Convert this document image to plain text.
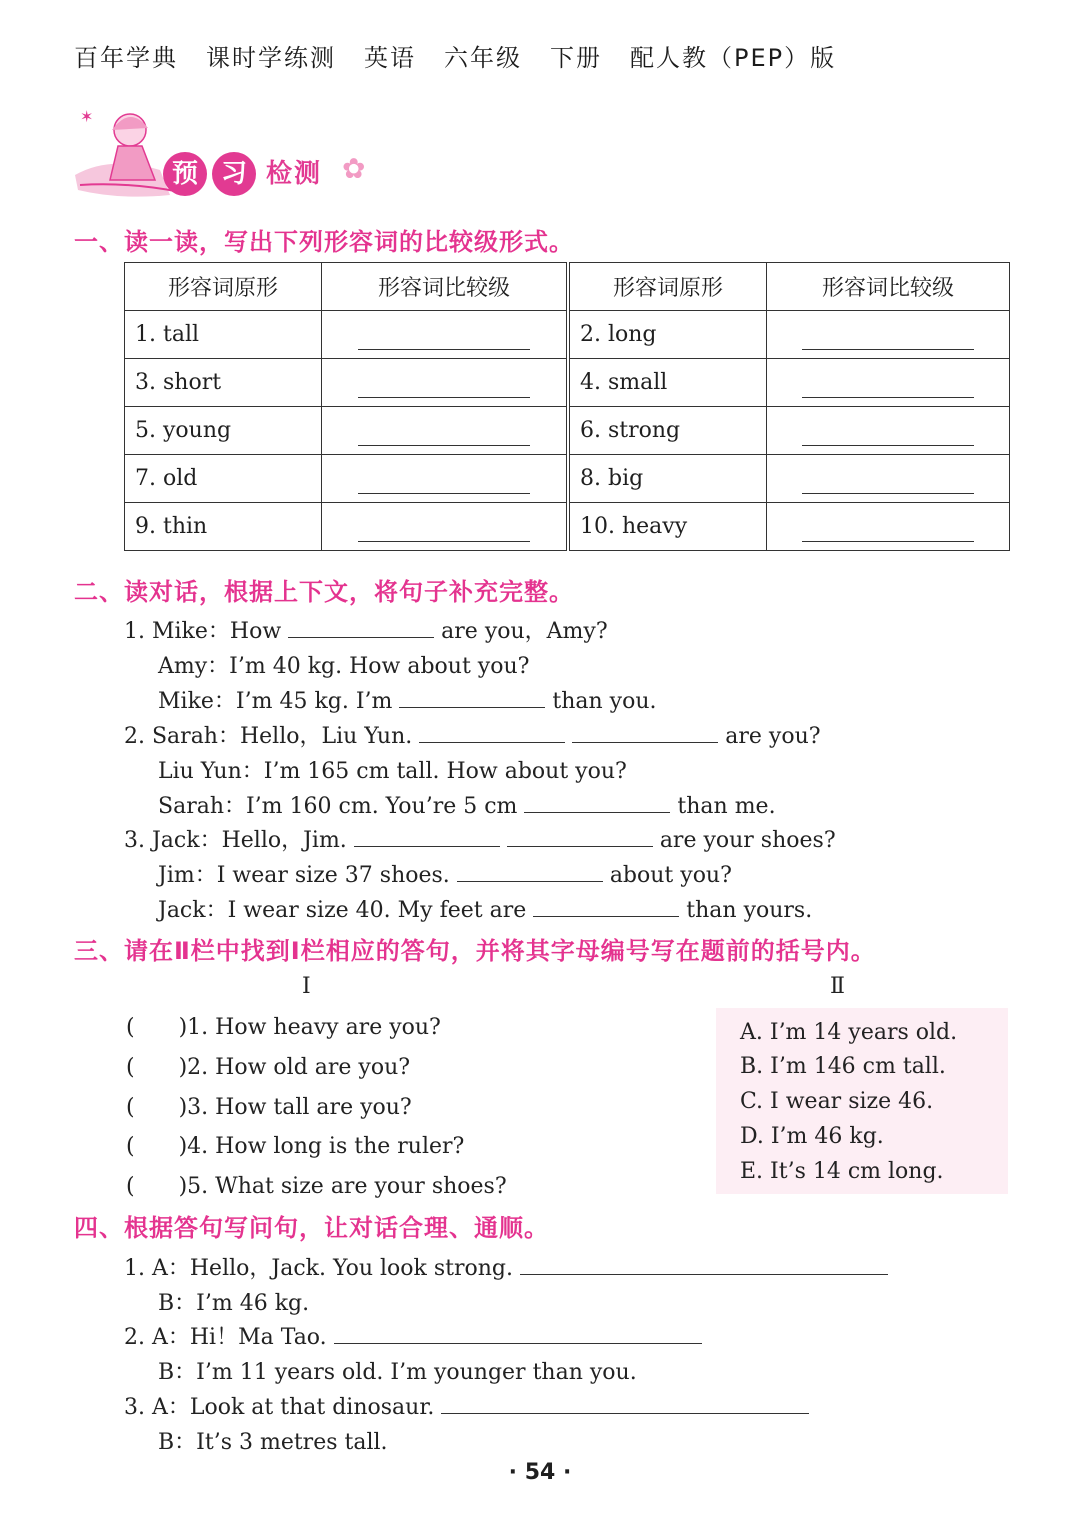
百年学典 课时学练测 英语 六年级 下册 配人教（PEP）版
✶
✿
预 习 检测
一、读一读，写出下列形容词的比较级形式。
形容词原形	形容词比较级	形容词原形	形容词比较级
1. tall		2. long	
3. short		4. small	
5. young		6. strong	
7. old		8. big	
9. thin		10. heavy	
二、读对话，根据上下文，将句子补充完整。
1. Mike：How	are you，Amy?
Amy：I’m 40 kg. How about you?
Mike：I’m 45 kg. I’m	than you.
2. Sarah：Hello，Liu Yun.	are you?
Liu Yun：I’m 165 cm tall. How about you?
Sarah：I’m 160 cm. You’re 5 cm	than me.
3. Jack：Hello，Jim.	are your shoes?
Jim：I wear size 37 shoes.	about you?
Jack：I wear size 40. My feet are	than yours.
三、请在Ⅱ栏中找到Ⅰ栏相应的答句，并将其字母编号写在题前的括号内。
Ⅰ	Ⅱ
(　　)1. How heavy are you?
(　　)2. How old are you?
(　　)3. How tall are you?
(　　)4. How long is the ruler?
(　　)5. What size are your shoes?
A. I’m 14 years old.
B. I’m 146 cm tall.
C. I wear size 46.
D. I’m 46 kg.
E. It’s 14 cm long.
四、根据答句写问句，让对话合理、通顺。
1. A：Hello，Jack. You look strong.
B：I’m 46 kg.
2. A：Hi！Ma Tao.
B：I’m 11 years old. I’m younger than you.
3. A：Look at that dinosaur.
B：It’s 3 metres tall.
· 54 ·
